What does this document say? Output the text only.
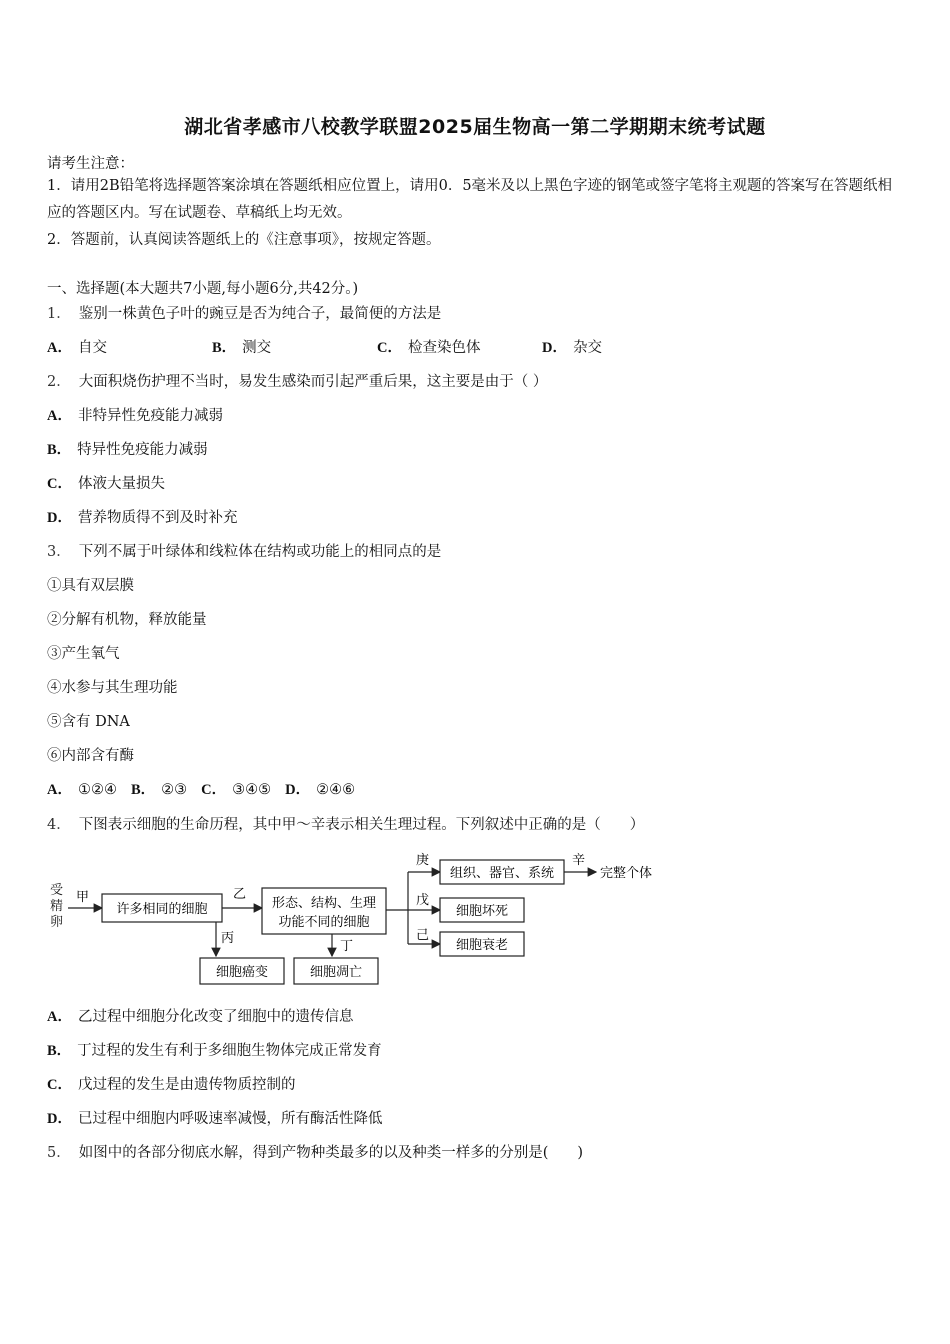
湖北省孝感市八校教学联盟2025届生物高一第二学期期末统考试题
请考生注意：
1．请用2B铅笔将选择题答案涂填在答题纸相应位置上，请用0．5毫米及以上黑色字迹的钢笔或签字笔将主观题的答案写在答题纸相应的答题区内。写在试题卷、草稿纸上均无效。
2．答题前，认真阅读答题纸上的《注意事项》，按规定答题。
一、选择题(本大题共7小题,每小题6分,共42分。)
1． 鉴别一株黄色子叶的豌豆是否为纯合子，最简便的方法是
A． 自交	B． 测交	C． 检查染色体	D． 杂交
2． 大面积烧伤护理不当时，易发生感染而引起严重后果，这主要是由于（ ）
A． 非特异性免疫能力减弱
B． 特异性免疫能力减弱
C． 体液大量损失
D． 营养物质得不到及时补充
3． 下列不属于叶绿体和线粒体在结构或功能上的相同点的是
①具有双层膜
②分解有机物，释放能量
③产生氧气
④水参与其生理功能
⑤含有 DNA
⑥内部含有酶
A． ①②④ B． ②③ C． ③④⑤ D． ②④⑥
4． 下图表示细胞的生命历程，其中甲～辛表示相关生理过程。下列叙述中正确的是（　　）
受
精
卵
甲
许多相同的细胞
乙
丙
形态、结构、生理
功能不同的细胞
丁
细胞癌变	细胞凋亡
庚
戊
己
组织、器官、系统
细胞坏死
细胞衰老
辛
完整个体
A． 乙过程中细胞分化改变了细胞中的遗传信息
B． 丁过程的发生有利于多细胞生物体完成正常发育
C． 戊过程的发生是由遗传物质控制的
D． 已过程中细胞内呼吸速率减慢，所有酶活性降低
5． 如图中的各部分彻底水解，得到产物种类最多的以及种类一样多的分别是(　　)
